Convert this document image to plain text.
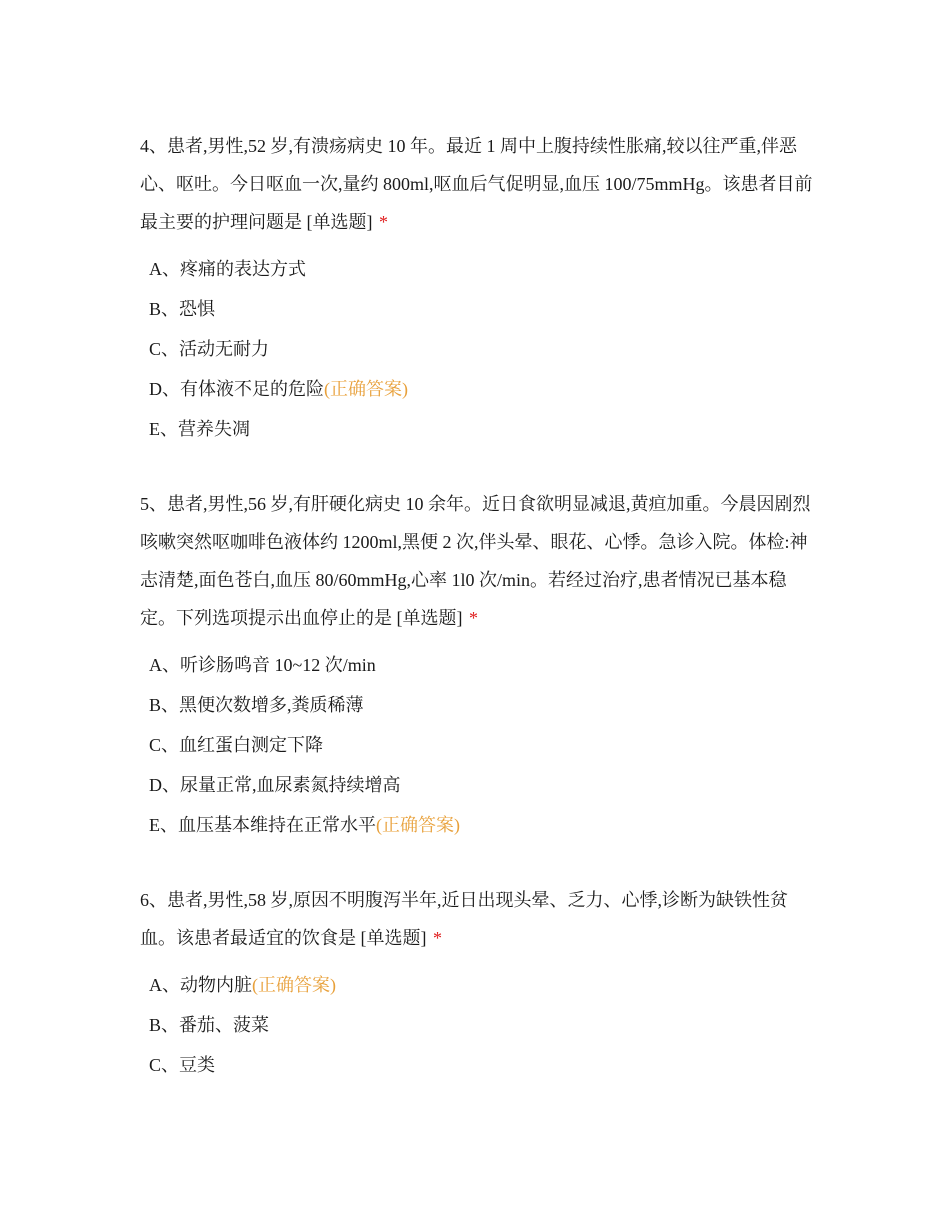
4、患者,男性,52 岁,有溃疡病史 10 年。最近 1 周中上腹持续性胀痛,较以往严重,伴恶心、呕吐。今日呕血一次,量约 800ml,呕血后气促明显,血压 100/75mmHg。该患者目前最主要的护理问题是 [单选题] *

A、疼痛的表达方式
B、恐惧
C、活动无耐力
D、有体液不足的危险(正确答案)
E、营养失凋

5、患者,男性,56 岁,有肝硬化病史 10 余年。近日食欲明显减退,黄疸加重。今晨因剧烈咳嗽突然呕咖啡色液体约 1200ml,黑便 2 次,伴头晕、眼花、心悸。急诊入院。体检:神志清楚,面色苍白,血压 80/60mmHg,心率 1l0 次/min。若经过治疗,患者情况已基本稳定。下列选项提示出血停止的是 [单选题] *

A、听诊肠鸣音 10~12 次/min
B、黑便次数增多,粪质稀薄
C、血红蛋白测定下降
D、尿量正常,血尿素氮持续增高
E、血压基本维持在正常水平(正确答案)

6、患者,男性,58 岁,原因不明腹泻半年,近日出现头晕、乏力、心悸,诊断为缺铁性贫血。该患者最适宜的饮食是 [单选题] *

A、动物内脏(正确答案)
B、番茄、菠菜
C、豆类
